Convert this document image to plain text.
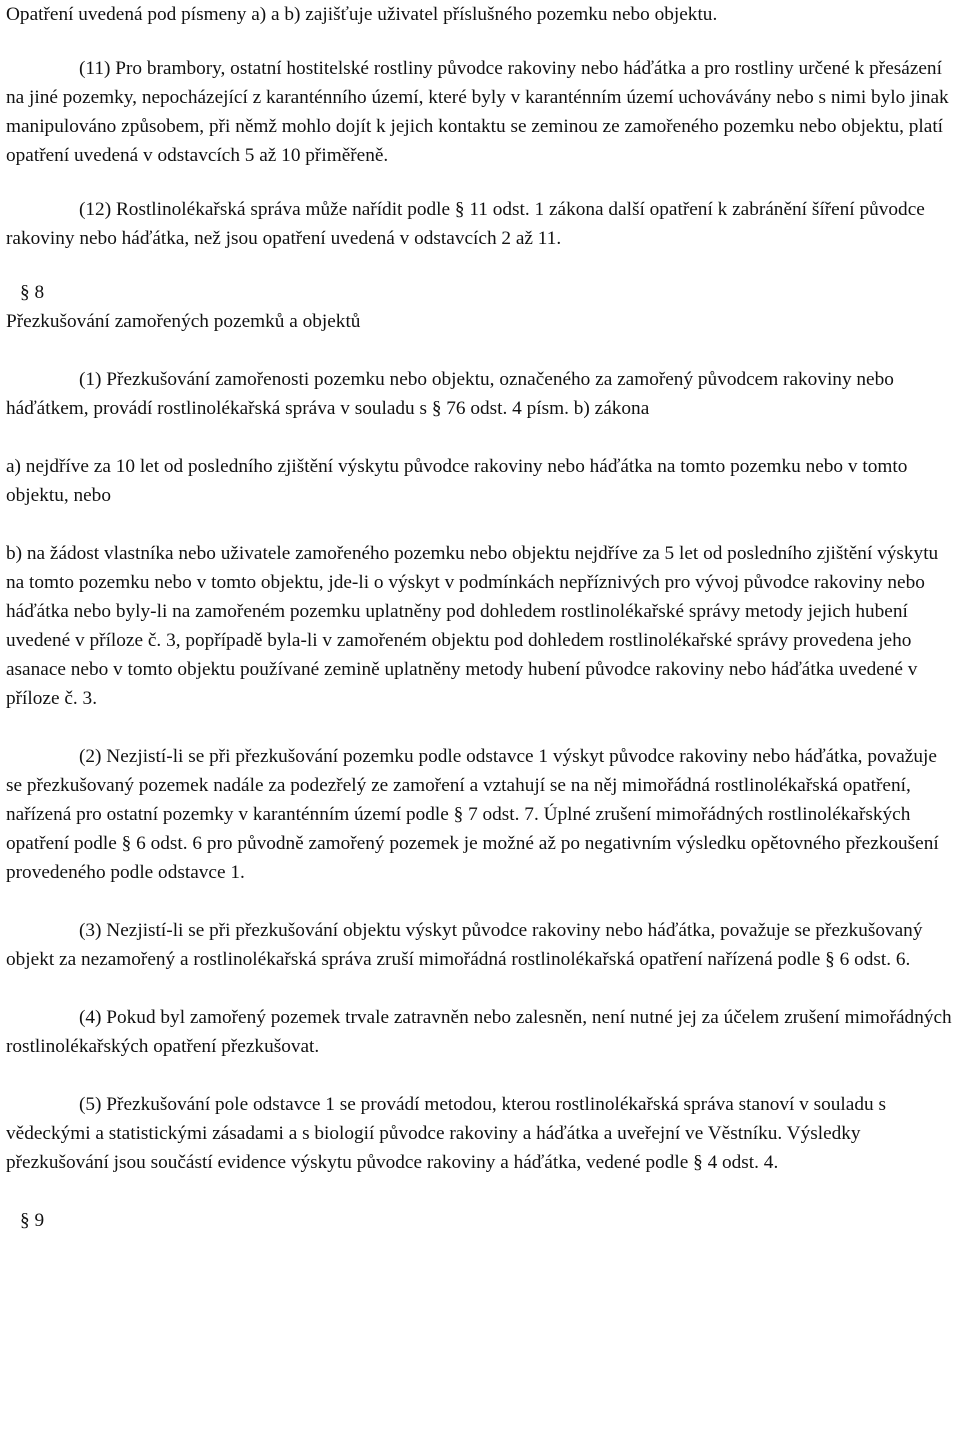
Opatření uvedená pod písmeny a) a b) zajišťuje uživatel příslušného pozemku nebo objektu.

(11) Pro brambory, ostatní hostitelské rostliny původce rakoviny nebo háďátka a pro rostliny určené k přesázení na jiné pozemky, nepocházející z karanténního území, které byly v karanténním území uchovávány nebo s nimi bylo jinak manipulováno způsobem, při němž mohlo dojít k jejich kontaktu se zeminou ze zamořeného pozemku nebo objektu, platí opatření uvedená v odstavcích 5 až 10 přiměřeně.

(12) Rostlinolékařská správa může nařídit podle § 11 odst. 1 zákona další opatření k zabránění šíření původce rakoviny nebo háďátka, než jsou opatření uvedená v odstavcích 2 až 11.

§ 8

Přezkušování zamořených pozemků a objektů

(1) Přezkušování zamořenosti pozemku nebo objektu, označeného za zamořený původcem rakoviny nebo háďátkem, provádí rostlinolékařská správa v souladu s § 76 odst. 4 písm. b) zákona

a) nejdříve za 10 let od posledního zjištění výskytu původce rakoviny nebo háďátka na tomto pozemku nebo v tomto objektu, nebo

b) na žádost vlastníka nebo uživatele zamořeného pozemku nebo objektu nejdříve za 5 let od posledního zjištění výskytu na tomto pozemku nebo v tomto objektu, jde-li o výskyt v podmínkách nepříznivých pro vývoj původce rakoviny nebo háďátka nebo byly-li na zamořeném pozemku uplatněny pod dohledem rostlinolékařské správy metody jejich hubení uvedené v příloze č. 3, popřípadě byla-li v zamořeném objektu pod dohledem rostlinolékařské správy provedena jeho asanace nebo v tomto objektu používané zemině uplatněny metody hubení původce rakoviny nebo háďátka uvedené v příloze č. 3.

(2) Nezjistí-li se při přezkušování pozemku podle odstavce 1 výskyt původce rakoviny nebo háďátka, považuje se přezkušovaný pozemek nadále za podezřelý ze zamoření a vztahují se na něj mimořádná rostlinolékařská opatření, nařízená pro ostatní pozemky v karanténním území podle § 7 odst. 7. Úplné zrušení mimořádných rostlinolékařských opatření podle § 6 odst. 6 pro původně zamořený pozemek je možné až po negativním výsledku opětovného přezkoušení provedeného podle odstavce 1.

(3) Nezjistí-li se při přezkušování objektu výskyt původce rakoviny nebo háďátka, považuje se přezkušovaný objekt za nezamořený a rostlinolékařská správa zruší mimořádná rostlinolékařská opatření nařízená podle § 6 odst. 6.

(4) Pokud byl zamořený pozemek trvale zatravněn nebo zalesněn, není nutné jej za účelem zrušení mimořádných rostlinolékařských opatření přezkušovat.

(5) Přezkušování pole odstavce 1 se provádí metodou, kterou rostlinolékařská správa stanoví v souladu s vědeckými a statistickými zásadami a s biologií původce rakoviny a háďátka a uveřejní ve Věstníku. Výsledky přezkušování jsou součástí evidence výskytu původce rakoviny a háďátka, vedené podle § 4 odst. 4.

§ 9
